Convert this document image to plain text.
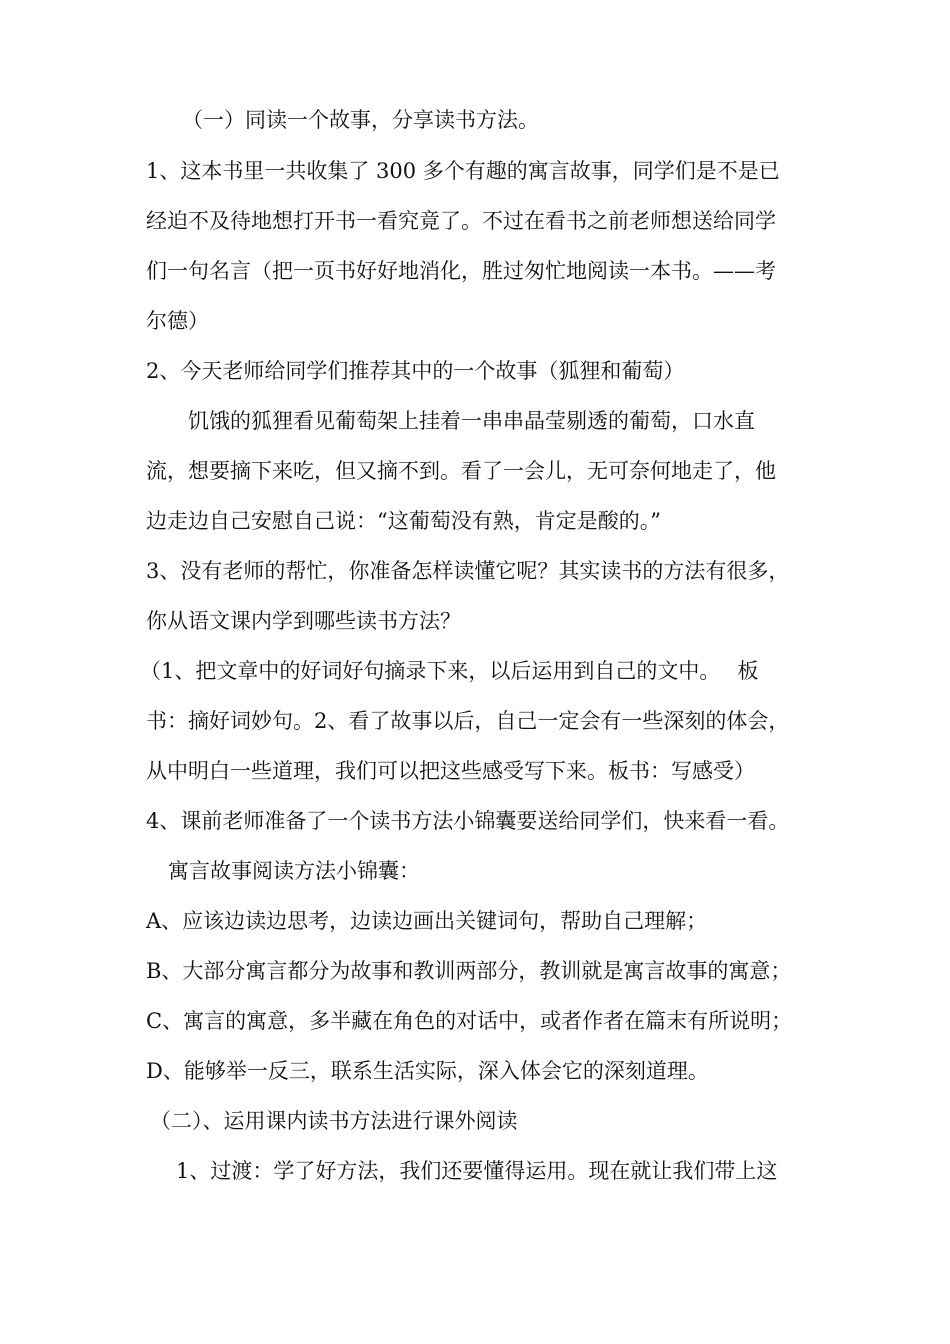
（一）同读一个故事，分享读书方法。
1、这本书里一共收集了 300 多个有趣的寓言故事，同学们是不是已
经迫不及待地想打开书一看究竟了。不过在看书之前老师想送给同学
们一句名言（把一页书好好地消化，胜过匆忙地阅读一本书。——考
尔德）
2、今天老师给同学们推荐其中的一个故事（狐狸和葡萄）
饥饿的狐狸看见葡萄架上挂着一串串晶莹剔透的葡萄，口水直
流，想要摘下来吃，但又摘不到。看了一会儿，无可奈何地走了，他
边走边自己安慰自己说：“这葡萄没有熟，肯定是酸的。”
3、没有老师的帮忙，你准备怎样读懂它呢？其实读书的方法有很多，
你从语文课内学到哪些读书方法？
（1、把文章中的好词好句摘录下来，以后运用到自己的文中。　 板
书：摘好词妙句。2、看了故事以后，自己一定会有一些深刻的体会，
从中明白一些道理，我们可以把这些感受写下来。板书：写感受）
4、课前老师准备了一个读书方法小锦囊要送给同学们，快来看一看。
寓言故事阅读方法小锦囊：
A、应该边读边思考，边读边画出关键词句，帮助自己理解；
B、大部分寓言都分为故事和教训两部分，教训就是寓言故事的寓意；
C、寓言的寓意，多半藏在角色的对话中，或者作者在篇末有所说明；
D、能够举一反三，联系生活实际，深入体会它的深刻道理。
（二）、运用课内读书方法进行课外阅读
1、过渡：学了好方法，我们还要懂得运用。现在就让我们带上这
